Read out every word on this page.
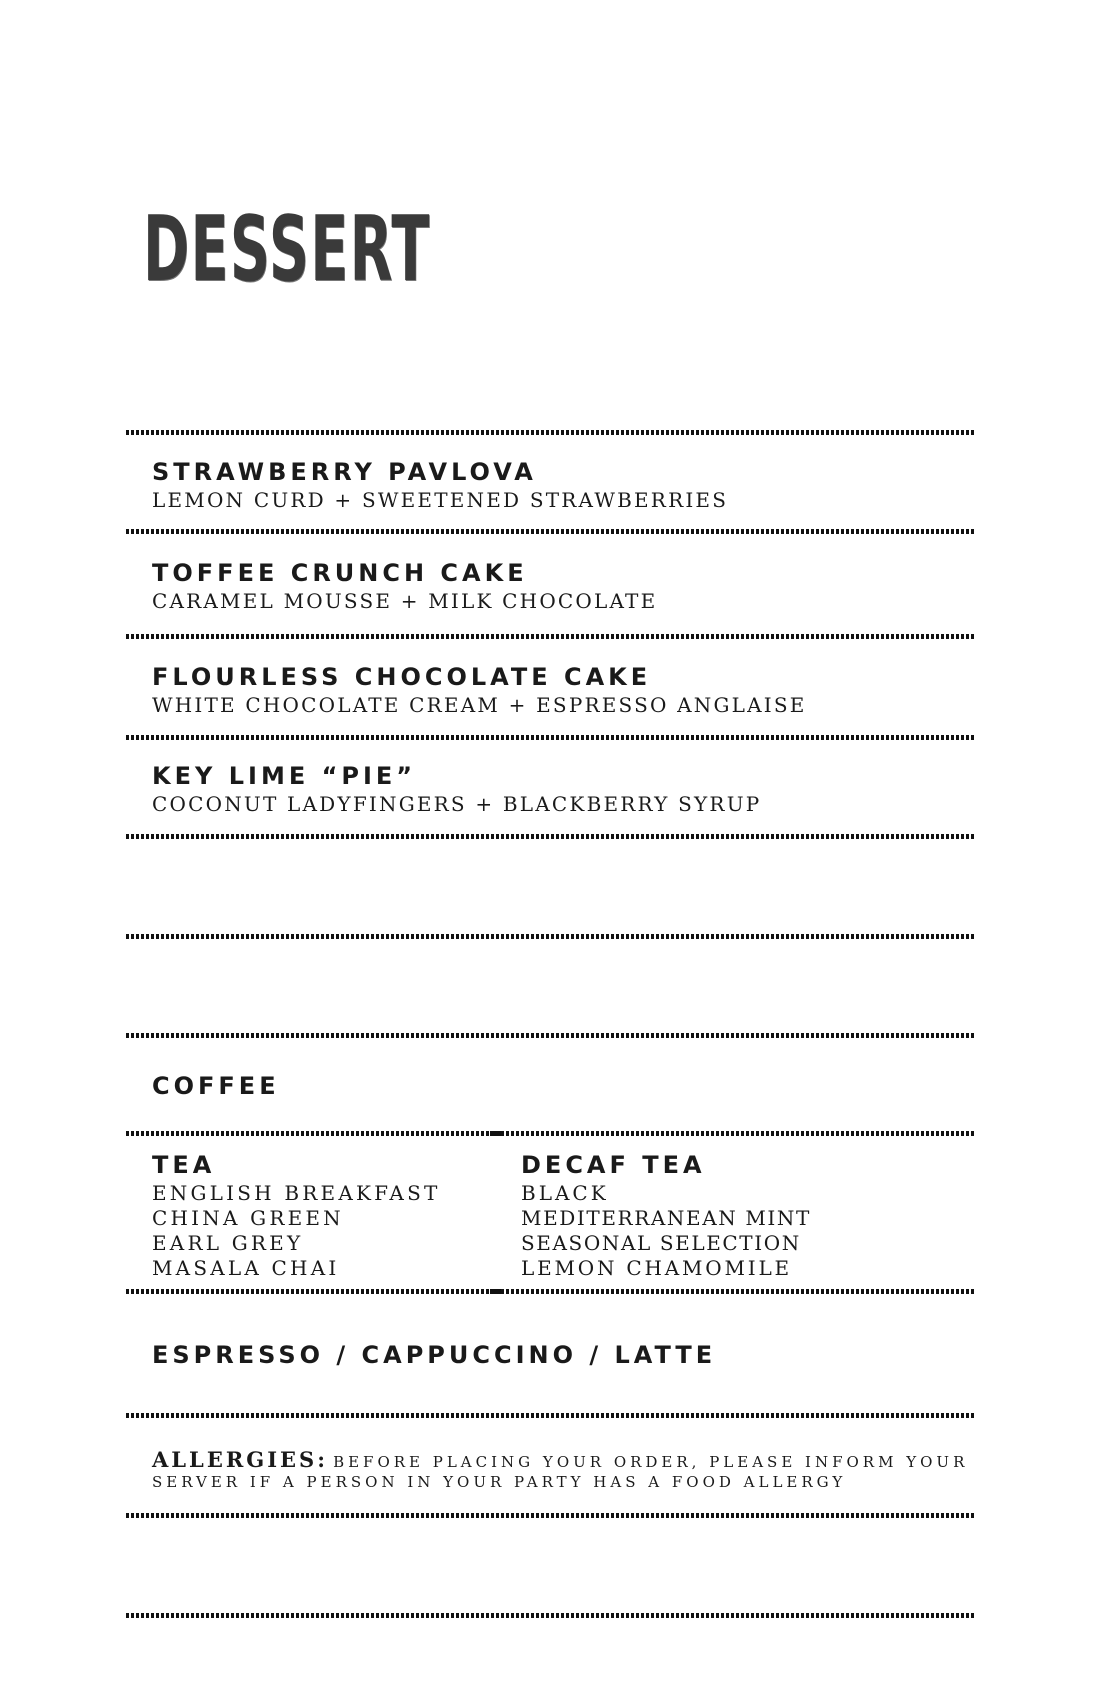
DESSERT
STRAWBERRY PAVLOVA
LEMON CURD + SWEETENED STRAWBERRIES
TOFFEE CRUNCH CAKE
CARAMEL MOUSSE + MILK CHOCOLATE
FLOURLESS CHOCOLATE CAKE
WHITE CHOCOLATE CREAM + ESPRESSO ANGLAISE
KEY LIME “PIE”
COCONUT LADYFINGERS + BLACKBERRY SYRUP
COFFEE
TEA
ENGLISH BREAKFAST
CHINA GREEN
EARL GREY
MASALA CHAI
DECAF TEA
BLACK
MEDITERRANEAN MINT
SEASONAL SELECTION
LEMON CHAMOMILE
ESPRESSO / CAPPUCCINO / LATTE
ALLERGIES: BEFORE PLACING YOUR ORDER, PLEASE INFORM YOUR SERVER IF A PERSON IN YOUR PARTY HAS A FOOD ALLERGY
